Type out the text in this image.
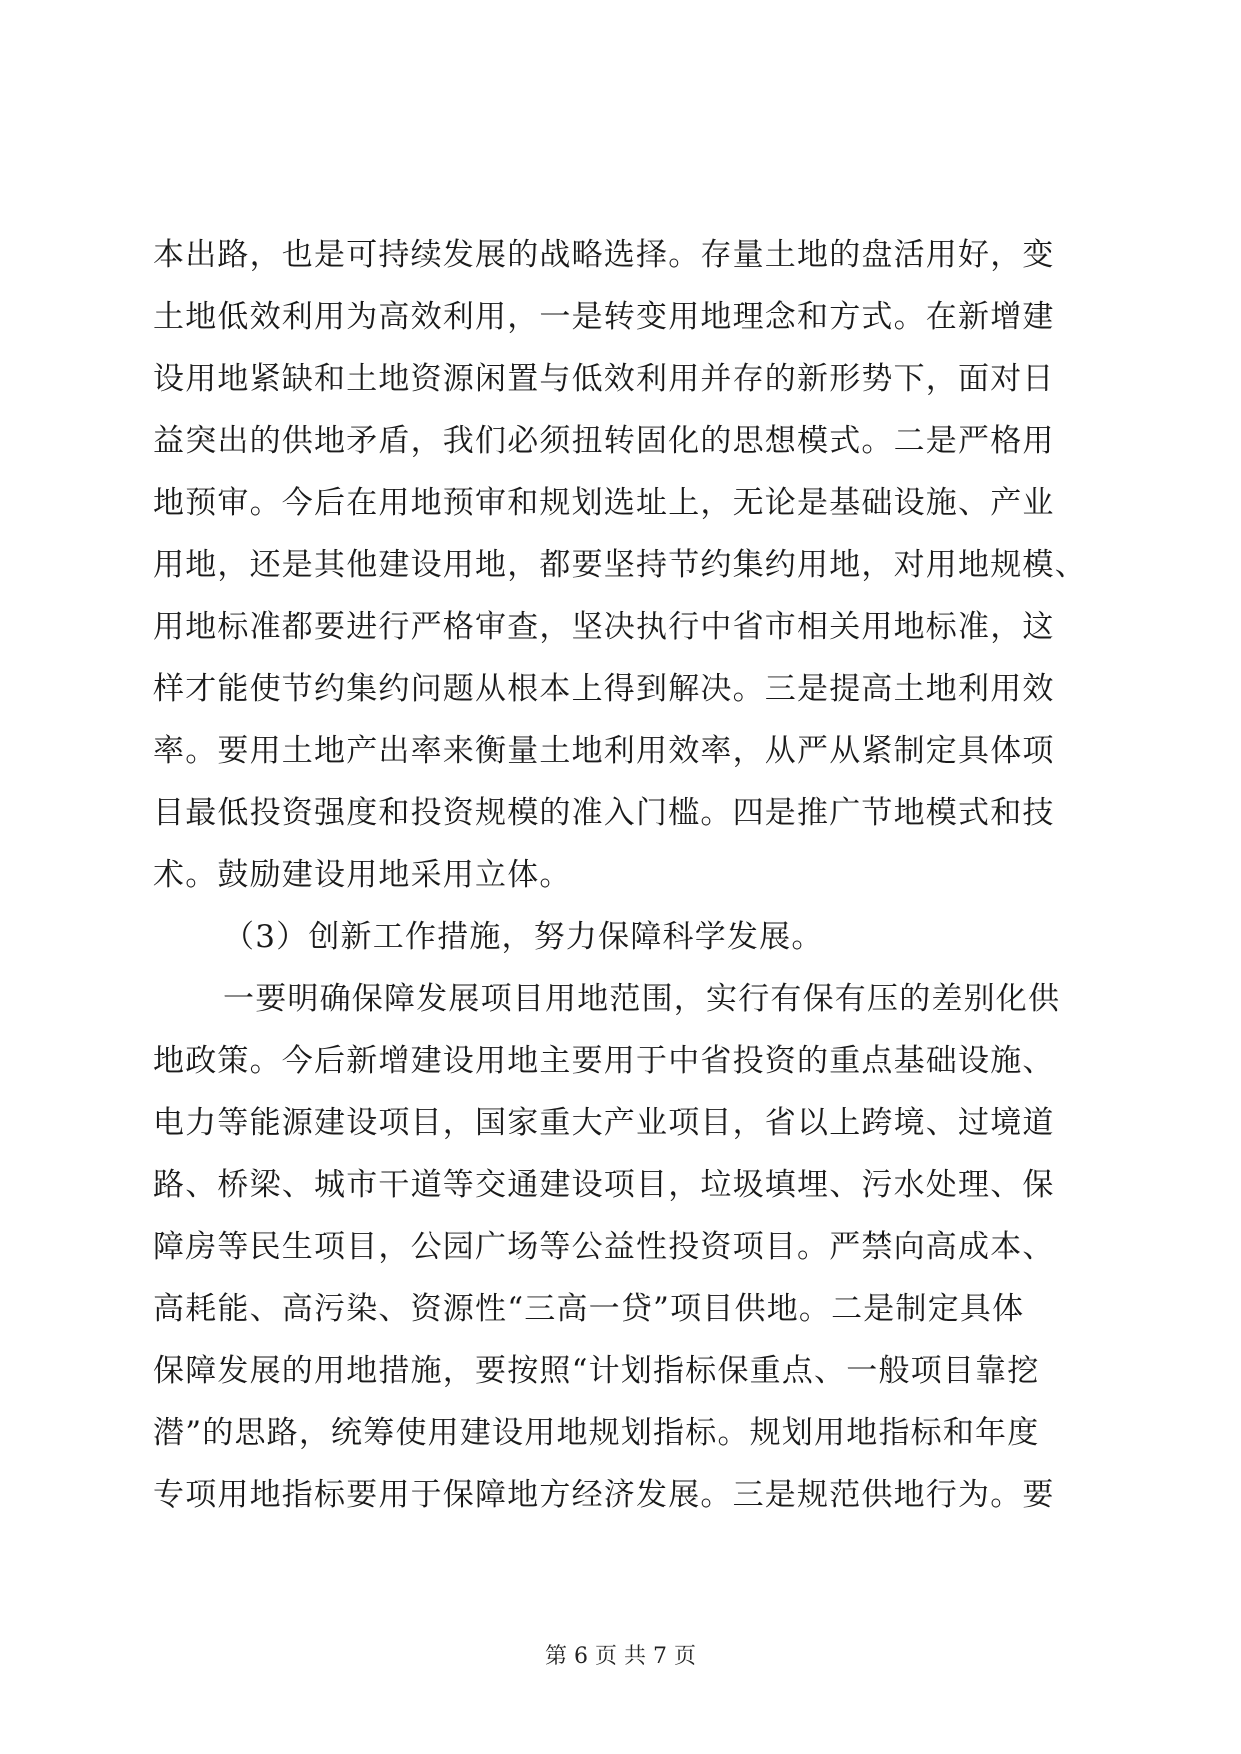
本出路，也是可持续发展的战略选择。存量土地的盘活用好，变
土地低效利用为高效利用，一是转变用地理念和方式。在新增建
设用地紧缺和土地资源闲置与低效利用并存的新形势下，面对日
益突出的供地矛盾，我们必须扭转固化的思想模式。二是严格用
地预审。今后在用地预审和规划选址上，无论是基础设施、产业
用地，还是其他建设用地，都要坚持节约集约用地，对用地规模、
用地标准都要进行严格审查，坚决执行中省市相关用地标准，这
样才能使节约集约问题从根本上得到解决。三是提高土地利用效
率。要用土地产出率来衡量土地利用效率，从严从紧制定具体项
目最低投资强度和投资规模的准入门槛。四是推广节地模式和技
术。鼓励建设用地采用立体。
（3）创新工作措施，努力保障科学发展。
一要明确保障发展项目用地范围，实行有保有压的差别化供
地政策。今后新增建设用地主要用于中省投资的重点基础设施、
电力等能源建设项目，国家重大产业项目，省以上跨境、过境道
路、桥梁、城市干道等交通建设项目，垃圾填埋、污水处理、保
障房等民生项目，公园广场等公益性投资项目。严禁向高成本、
高耗能、高污染、资源性“三高一贷”项目供地。二是制定具体
保障发展的用地措施，要按照“计划指标保重点、一般项目靠挖
潜”的思路，统筹使用建设用地规划指标。规划用地指标和年度
专项用地指标要用于保障地方经济发展。三是规范供地行为。要
第 6 页 共 7 页
